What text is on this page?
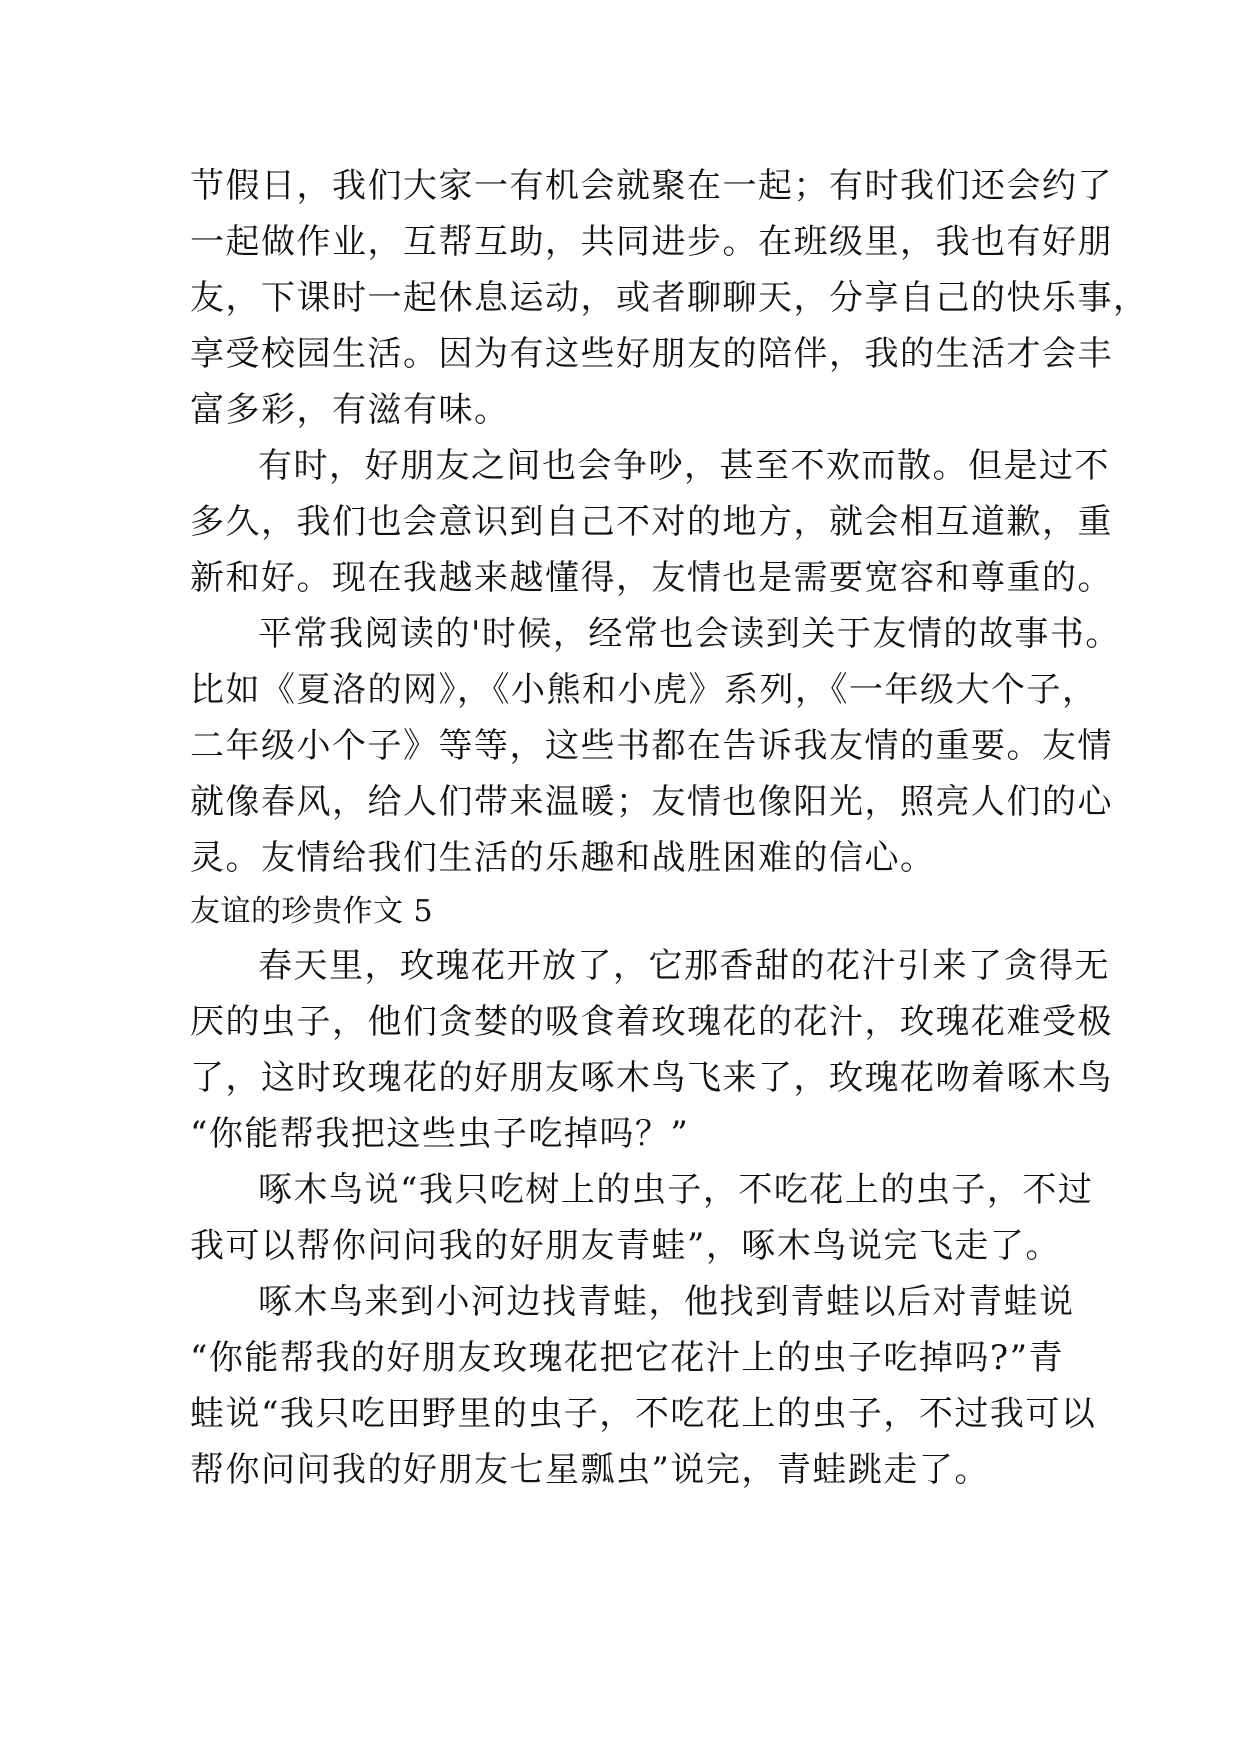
节假日，我们大家一有机会就聚在一起；有时我们还会约了
一起做作业，互帮互助，共同进步。在班级里，我也有好朋
友，下课时一起休息运动，或者聊聊天，分享自己的快乐事，
享受校园生活。因为有这些好朋友的陪伴，我的生活才会丰
富多彩，有滋有味。
有时，好朋友之间也会争吵，甚至不欢而散。但是过不
多久，我们也会意识到自己不对的地方，就会相互道歉，重
新和好。现在我越来越懂得，友情也是需要宽容和尊重的。
平常我阅读的'时候，经常也会读到关于友情的故事书。
比如《夏洛的网》，《小熊和小虎》系列，《一年级大个子，
二年级小个子》等等，这些书都在告诉我友情的重要。友情
就像春风，给人们带来温暖；友情也像阳光，照亮人们的心
灵。友情给我们生活的乐趣和战胜困难的信心。
友谊的珍贵作文 5
春天里，玫瑰花开放了，它那香甜的花汁引来了贪得无
厌的虫子，他们贪婪的吸食着玫瑰花的花汁，玫瑰花难受极
了，这时玫瑰花的好朋友啄木鸟飞来了，玫瑰花吻着啄木鸟
“你能帮我把这些虫子吃掉吗？”
啄木鸟说“我只吃树上的虫子，不吃花上的虫子，不过
我可以帮你问问我的好朋友青蛙”，啄木鸟说完飞走了。
啄木鸟来到小河边找青蛙，他找到青蛙以后对青蛙说
“你能帮我的好朋友玫瑰花把它花汁上的虫子吃掉吗?”青
蛙说“我只吃田野里的虫子，不吃花上的虫子，不过我可以
帮你问问我的好朋友七星瓢虫”说完，青蛙跳走了。
